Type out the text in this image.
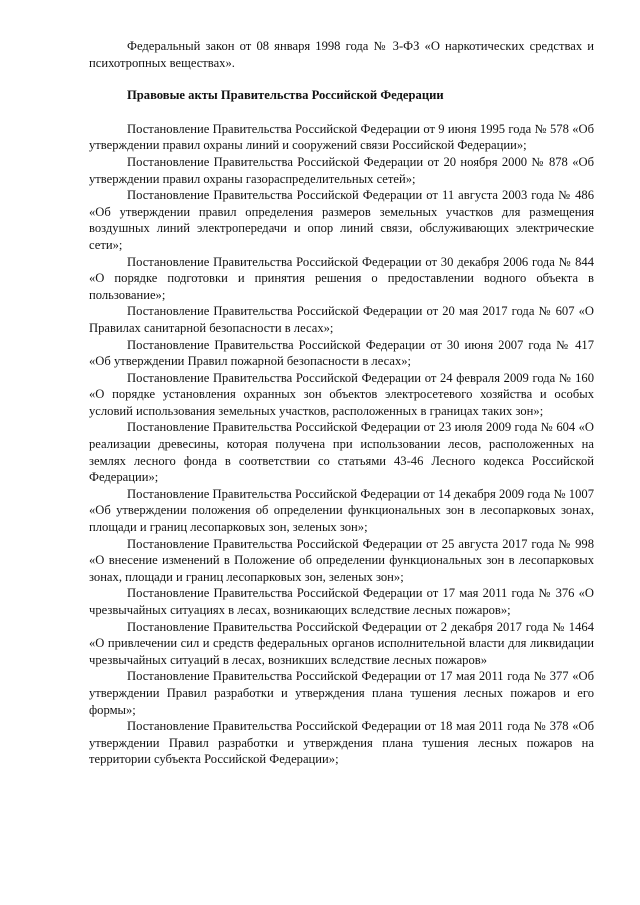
Федеральный закон от 08 января 1998 года № 3-ФЗ «О наркотических средствах и психотропных веществах».

Правовые акты Правительства Российской Федерации

Постановление Правительства Российской Федерации от 9 июня 1995 года № 578 «Об утверждении правил охраны линий и сооружений связи Российской Федерации»;

Постановление Правительства Российской Федерации от 20 ноября 2000 № 878 «Об утверждении правил охраны газораспределительных сетей»;

Постановление Правительства Российской Федерации от 11 августа 2003 года № 486 «Об утверждении правил определения размеров земельных участков для размещения воздушных линий электропередачи и опор линий связи, обслуживающих электрические сети»;

Постановление Правительства Российской Федерации от 30 декабря 2006 года № 844 «О порядке подготовки и принятия решения о предоставлении водного объекта в пользование»;

Постановление Правительства Российской Федерации от 20 мая 2017 года № 607 «О Правилах санитарной безопасности в лесах»;

Постановление Правительства Российской Федерации от 30 июня 2007 года № 417 «Об утверждении Правил пожарной безопасности в лесах»;

Постановление Правительства Российской Федерации от 24 февраля 2009 года № 160 «О порядке установления охранных зон объектов электросетевого хозяйства и особых условий использования земельных участков, расположенных в границах таких зон»;

Постановление Правительства Российской Федерации от 23 июля 2009 года № 604 «О реализации древесины, которая получена при использовании лесов, расположенных на землях лесного фонда в соответствии со статьями 43-46 Лесного кодекса Российской Федерации»;

Постановление Правительства Российской Федерации от 14 декабря 2009 года № 1007 «Об утверждении положения об определении функциональных зон в лесопарковых зонах, площади и границ лесопарковых зон, зеленых зон»;

Постановление Правительства Российской Федерации от 25 августа 2017 года № 998 «О внесение изменений в Положение об определении функциональных зон в лесопарковых зонах, площади и границ лесопарковых зон, зеленых зон»;

Постановление Правительства Российской Федерации от 17 мая 2011 года № 376 «О чрезвычайных ситуациях в лесах, возникающих вследствие лесных пожаров»;

Постановление Правительства Российской Федерации от 2 декабря 2017 года № 1464 «О привлечении сил и средств федеральных органов исполнительной власти для ликвидации чрезвычайных ситуаций в лесах, возникших вследствие лесных пожаров»

Постановление Правительства Российской Федерации от 17 мая 2011 года № 377 «Об утверждении Правил разработки и утверждения плана тушения лесных пожаров и его формы»;

Постановление Правительства Российской Федерации от 18 мая 2011 года № 378 «Об утверждении Правил разработки и утверждения плана тушения лесных пожаров на территории субъекта Российской Федерации»;
